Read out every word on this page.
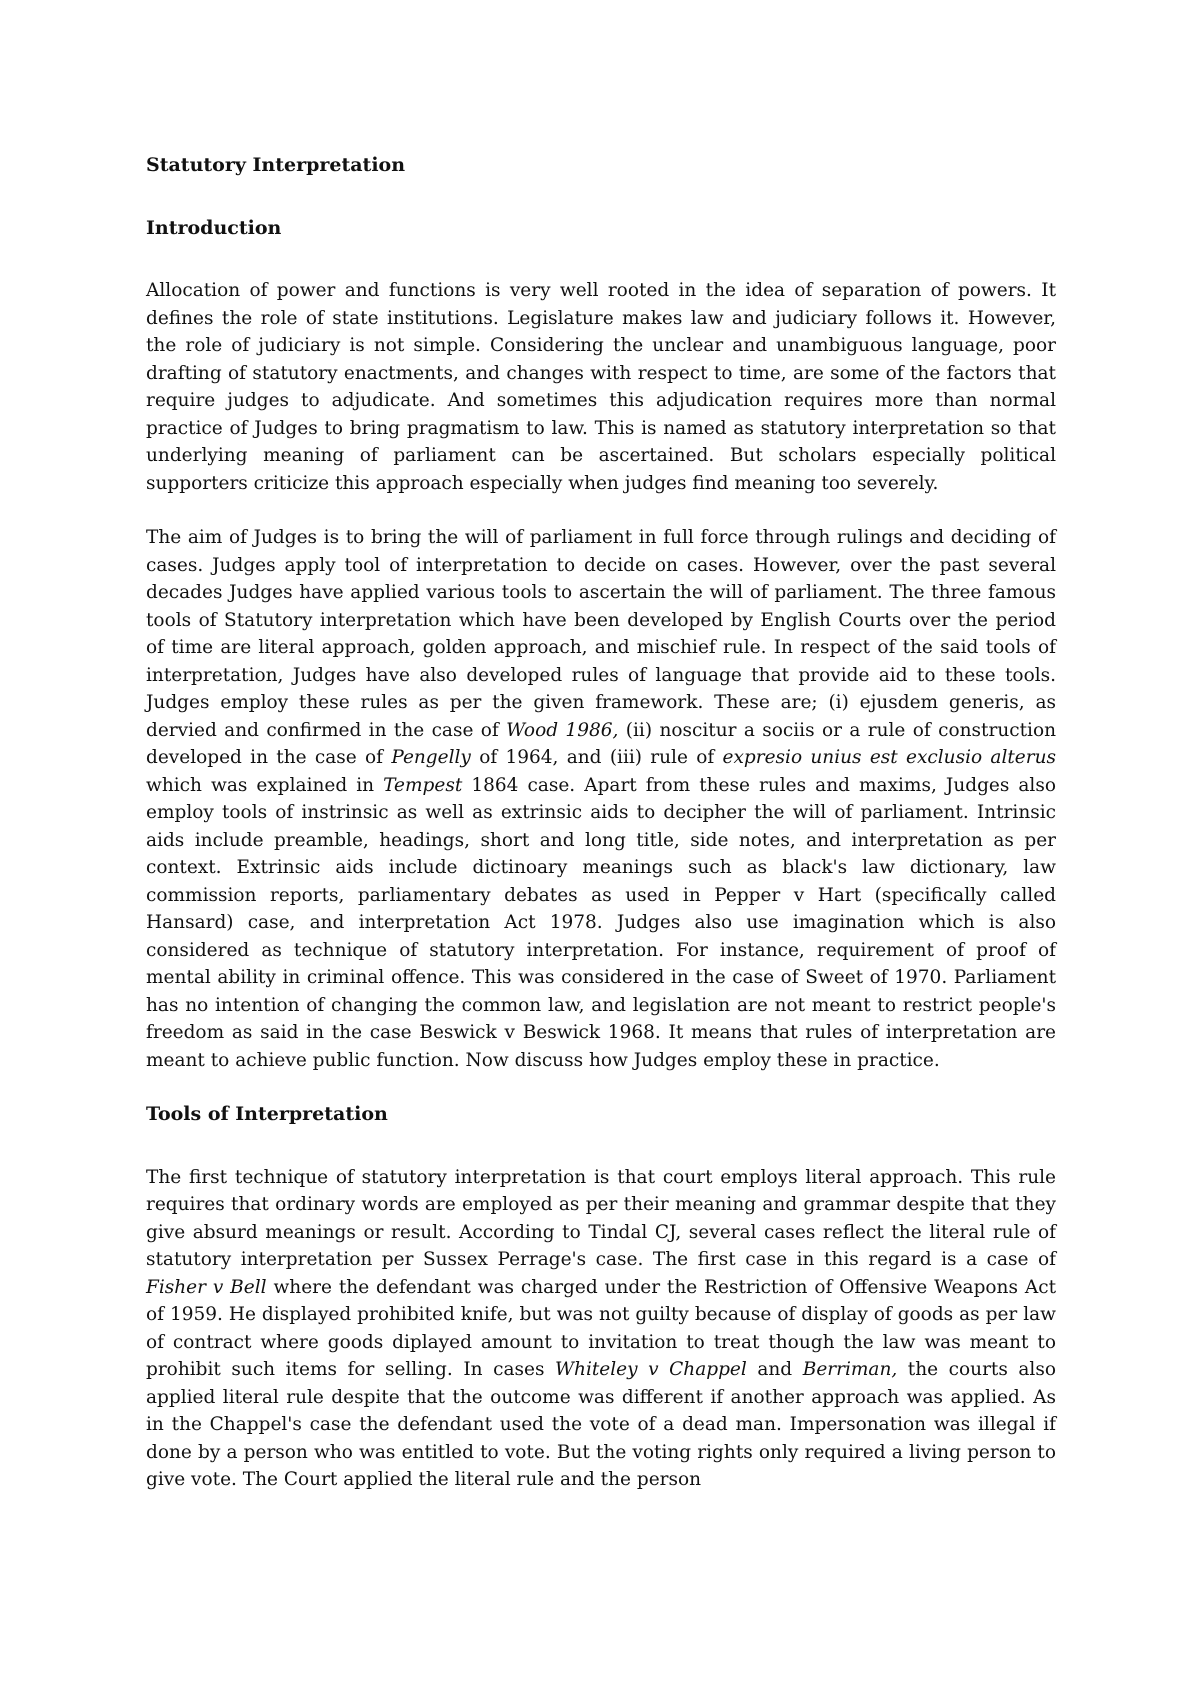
Statutory Interpretation
Introduction

Allocation of power and functions is very well rooted in the idea of separation of powers. It defines the role of state institutions. Legislature makes law and judiciary follows it. However, the role of judiciary is not simple. Considering the unclear and unambiguous language, poor drafting of statutory enactments, and changes with respect to time, are some of the factors that require judges to adjudicate. And sometimes this adjudication requires more than normal practice of Judges to bring pragmatism to law. This is named as statutory interpretation so that underlying meaning of parliament can be ascertained. But scholars especially political supporters criticize this approach especially when judges find meaning too severely.

The aim of Judges is to bring the will of parliament in full force through rulings and deciding of cases. Judges apply tool of interpretation to decide on cases. However, over the past several decades Judges have applied various tools to ascertain the will of parliament. The three famous tools of Statutory interpretation which have been developed by English Courts over the period of time are literal approach, golden approach, and mischief rule. In respect of the said tools of interpretation, Judges have also developed rules of language that provide aid to these tools. Judges employ these rules as per the given framework. These are; (i) ejusdem generis, as dervied and confirmed in the case of Wood 1986, (ii) noscitur a sociis or a rule of construction developed in the case of Pengelly of 1964, and (iii) rule of expresio unius est exclusio alterus which was explained in Tempest 1864 case. Apart from these rules and maxims, Judges also employ tools of instrinsic as well as extrinsic aids to decipher the will of parliament. Intrinsic aids include preamble, headings, short and long title, side notes, and interpretation as per context. Extrinsic aids include dictinoary meanings such as black's law dictionary, law commission reports, parliamentary debates as used in Pepper v Hart (specifically called Hansard) case, and interpretation Act 1978. Judges also use imagination which is also considered as technique of statutory interpretation. For instance, requirement of proof of mental ability in criminal offence. This was considered in the case of Sweet of 1970. Parliament has no intention of changing the common law, and legislation are not meant to restrict people's freedom as said in the case Beswick v Beswick 1968. It means that rules of interpretation are meant to achieve public function. Now discuss how Judges employ these in practice.

Tools of Interpretation

The first technique of statutory interpretation is that court employs literal approach. This rule requires that ordinary words are employed as per their meaning and grammar despite that they give absurd meanings or result. According to Tindal CJ, several cases reflect the literal rule of statutory interpretation per Sussex Perrage's case. The first case in this regard is a case of Fisher v Bell where the defendant was charged under the Restriction of Offensive Weapons Act of 1959. He displayed prohibited knife, but was not guilty because of display of goods as per law of contract where goods diplayed amount to invitation to treat though the law was meant to prohibit such items for selling. In cases Whiteley v Chappel and Berriman, the courts also applied literal rule despite that the outcome was different if another approach was applied. As in the Chappel's case the defendant used the vote of a dead man. Impersonation was illegal if done by a person who was entitled to vote. But the voting rights only required a living person to give vote. The Court applied the literal rule and the person
